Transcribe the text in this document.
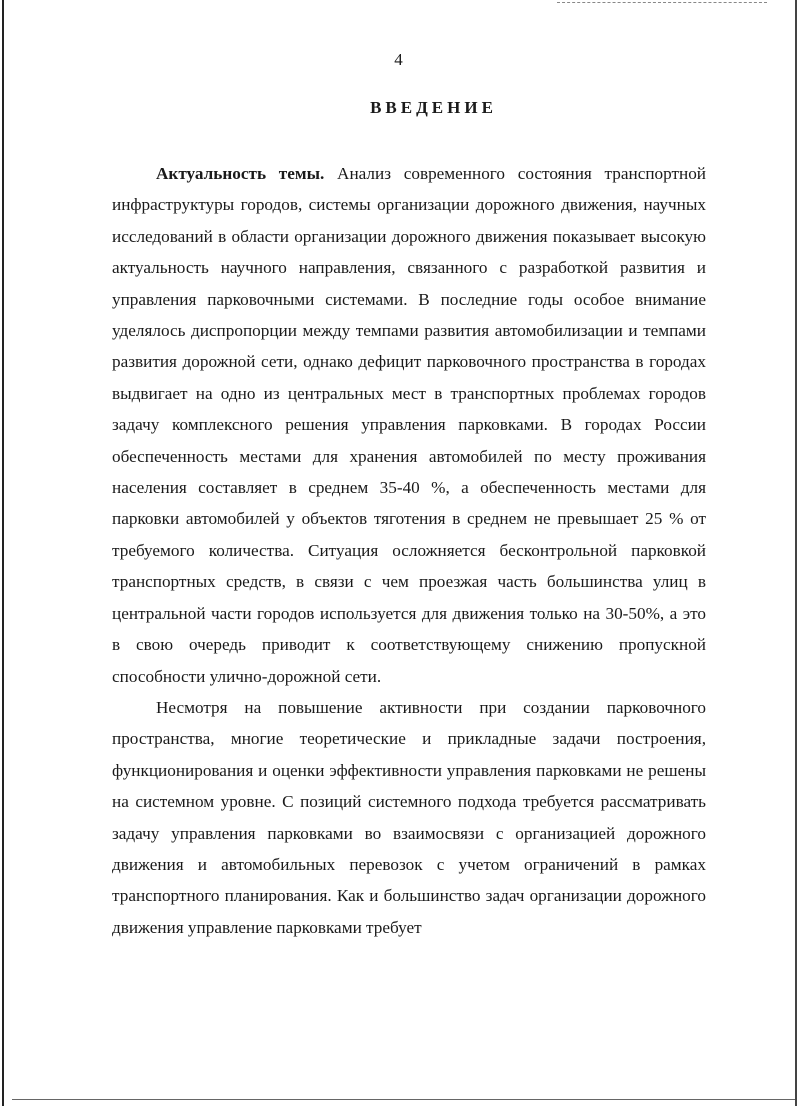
4
ВВЕДЕНИЕ

Актуальность темы. Анализ современного состояния транспортной инфраструктуры городов, системы организации дорожного движения, научных исследований в области организации дорожного движения показывает высокую актуальность научного направления, связанного с разработкой развития и управления парковочными системами. В последние годы особое внимание уделялось диспропорции между темпами развития автомобилизации и темпами развития дорожной сети, однако дефицит парковочного пространства в городах выдвигает на одно из центральных мест в транспортных проблемах городов задачу комплексного решения управления парковками. В городах России обеспеченность местами для хранения автомобилей по месту проживания населения составляет в среднем 35-40 %, а обеспеченность местами для парковки автомобилей у объектов тяготения в среднем не превышает 25 % от требуемого количества. Ситуация осложняется бесконтрольной парковкой транспортных средств, в связи с чем проезжая часть большинства улиц в центральной части городов используется для движения только на 30-50%, а это в свою очередь приводит к соответствующему снижению пропускной способности улично-дорожной сети.

Несмотря на повышение активности при создании парковочного пространства, многие теоретические и прикладные задачи построения, функционирования и оценки эффективности управления парковками не решены на системном уровне. С позиций системного подхода требуется рассматривать задачу управления парковками во взаимосвязи с организацией дорожного движения и автомобильных перевозок с учетом ограничений в рамках транспортного планирования. Как и большинство задач организации дорожного движения управление парковками требует
